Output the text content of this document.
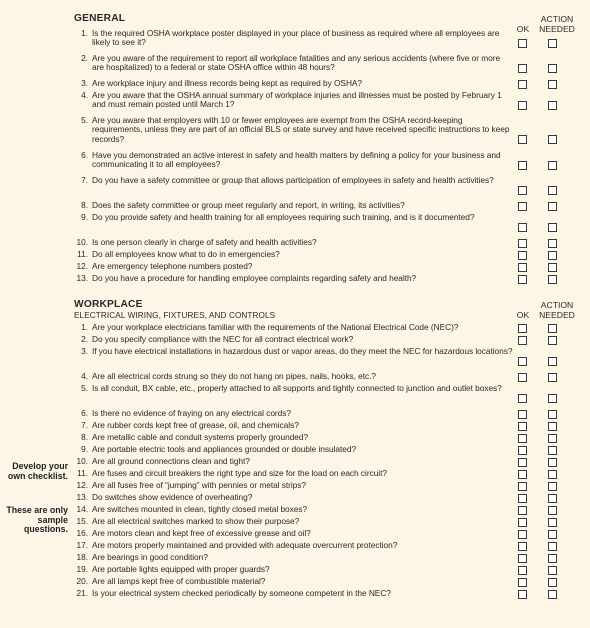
GENERAL	ACTION
OK	NEEDED
1. Is the required OSHA workplace poster displayed in your place of business as required where all employees are likely to see it?
2. Are you aware of the requirement to report all workplace fatalities and any serious accidents (where five or more are hospitalized) to a federal or state OSHA office within 48 hours?
3. Are workplace injury and illness records being kept as required by OSHA?
4. Are you aware that the OSHA annual summary of workplace injuries and illnesses must be posted by February 1 and must remain posted until March 1?
5. Are you aware that employers with 10 or fewer employees are exempt from the OSHA record-keeping requirements, unless they are part of an official BLS or state survey and have received specific instructions to keep records?
6. Have you demonstrated an active interest in safety and health matters by defining a policy for your business and communicating it to all employees?
7. Do you have a safety committee or group that allows participation of employees in safety and health activities?
8. Does the safety committee or group meet regularly and report, in writing, its activities?
9. Do you provide safety and health training for all employees requiring such training, and is it documented?
10. Is one person clearly in charge of safety and health activities?
11. Do all employees know what to do in emergencies?
12. Are emergency telephone numbers posted?
13. Do you have a procedure for handling employee complaints regarding safety and health?
WORKPLACE
ELECTRICAL WIRING, FIXTURES, AND CONTROLS
ACTION
OK	NEEDED
1. Are your workplace electricians familiar with the requirements of the National Electrical Code (NEC)?
2. Do you specify compliance with the NEC for all contract electrical work?
3. If you have electrical installations in hazardous dust or vapor areas, do they meet the NEC for hazardous locations?
4. Are all electrical cords strung so they do not hang on pipes, nails, hooks, etc.?
5. Is all conduit, BX cable, etc., properly attached to all supports and tightly connected to junction and outlet boxes?
6. Is there no evidence of fraying on any electrical cords?
7. Are rubber cords kept free of grease, oil, and chemicals?
8. Are metallic cable and conduit systems properly grounded?
9. Are portable electric tools and appliances grounded or double insulated?
10. Are all ground connections clean and tight?
11. Are fuses and circuit breakers the right type and size for the load on each circuit?
12. Are all fuses free of “jumping” with pennies or metal strips?
13. Do switches show evidence of overheating?
14. Are switches mounted in clean, tightly closed metal boxes?
15. Are all electrical switches marked to show their purpose?
16. Are motors clean and kept free of excessive grease and oil?
17. Are motors properly maintained and provided with adequate overcurrent protection?
18. Are bearings in good condition?
19. Are portable lights equipped with proper guards?
20. Are all lamps kept free of combustible material?
21. Is your electrical system checked periodically by someone competent in the NEC?
Develop your own checklist.
These are only sample questions.
